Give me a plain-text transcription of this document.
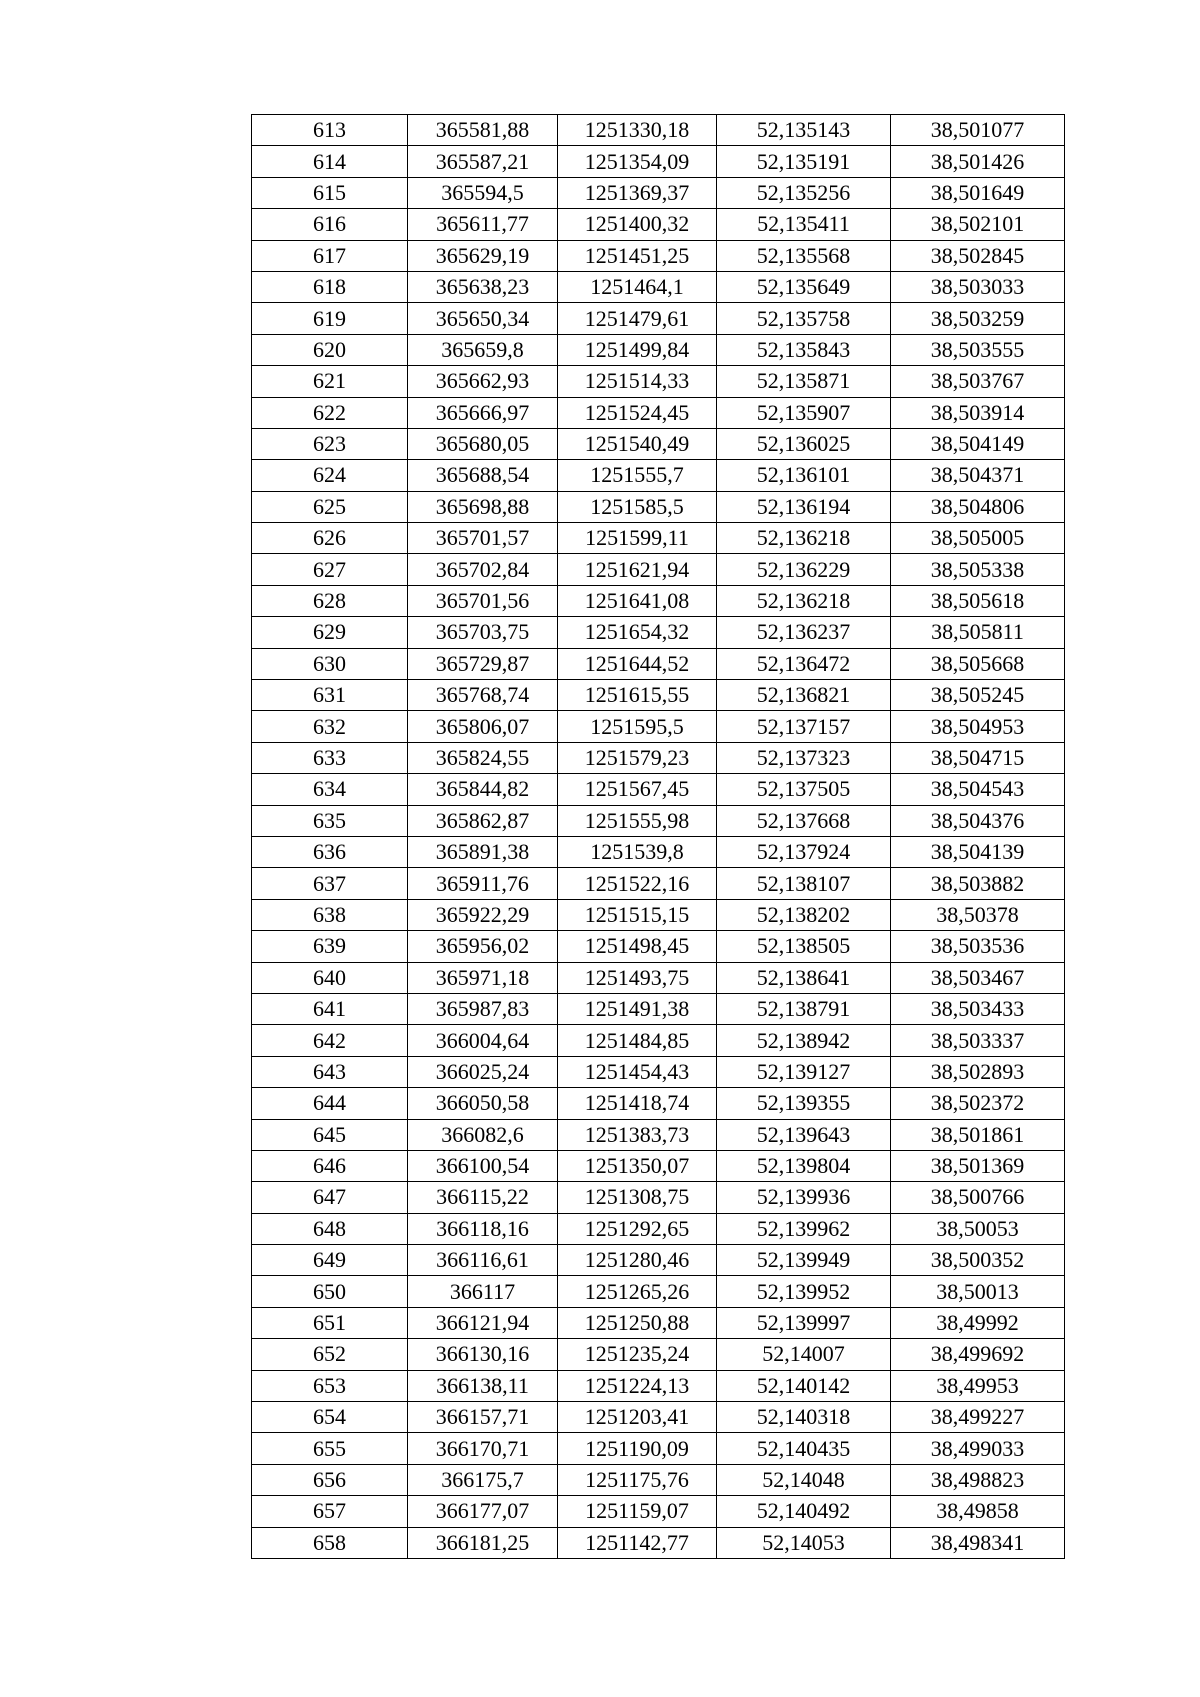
613	365581,88	1251330,18	52,135143	38,501077
614	365587,21	1251354,09	52,135191	38,501426
615	365594,5	1251369,37	52,135256	38,501649
616	365611,77	1251400,32	52,135411	38,502101
617	365629,19	1251451,25	52,135568	38,502845
618	365638,23	1251464,1	52,135649	38,503033
619	365650,34	1251479,61	52,135758	38,503259
620	365659,8	1251499,84	52,135843	38,503555
621	365662,93	1251514,33	52,135871	38,503767
622	365666,97	1251524,45	52,135907	38,503914
623	365680,05	1251540,49	52,136025	38,504149
624	365688,54	1251555,7	52,136101	38,504371
625	365698,88	1251585,5	52,136194	38,504806
626	365701,57	1251599,11	52,136218	38,505005
627	365702,84	1251621,94	52,136229	38,505338
628	365701,56	1251641,08	52,136218	38,505618
629	365703,75	1251654,32	52,136237	38,505811
630	365729,87	1251644,52	52,136472	38,505668
631	365768,74	1251615,55	52,136821	38,505245
632	365806,07	1251595,5	52,137157	38,504953
633	365824,55	1251579,23	52,137323	38,504715
634	365844,82	1251567,45	52,137505	38,504543
635	365862,87	1251555,98	52,137668	38,504376
636	365891,38	1251539,8	52,137924	38,504139
637	365911,76	1251522,16	52,138107	38,503882
638	365922,29	1251515,15	52,138202	38,50378
639	365956,02	1251498,45	52,138505	38,503536
640	365971,18	1251493,75	52,138641	38,503467
641	365987,83	1251491,38	52,138791	38,503433
642	366004,64	1251484,85	52,138942	38,503337
643	366025,24	1251454,43	52,139127	38,502893
644	366050,58	1251418,74	52,139355	38,502372
645	366082,6	1251383,73	52,139643	38,501861
646	366100,54	1251350,07	52,139804	38,501369
647	366115,22	1251308,75	52,139936	38,500766
648	366118,16	1251292,65	52,139962	38,50053
649	366116,61	1251280,46	52,139949	38,500352
650	366117	1251265,26	52,139952	38,50013
651	366121,94	1251250,88	52,139997	38,49992
652	366130,16	1251235,24	52,14007	38,499692
653	366138,11	1251224,13	52,140142	38,49953
654	366157,71	1251203,41	52,140318	38,499227
655	366170,71	1251190,09	52,140435	38,499033
656	366175,7	1251175,76	52,14048	38,498823
657	366177,07	1251159,07	52,140492	38,49858
658	366181,25	1251142,77	52,14053	38,498341
